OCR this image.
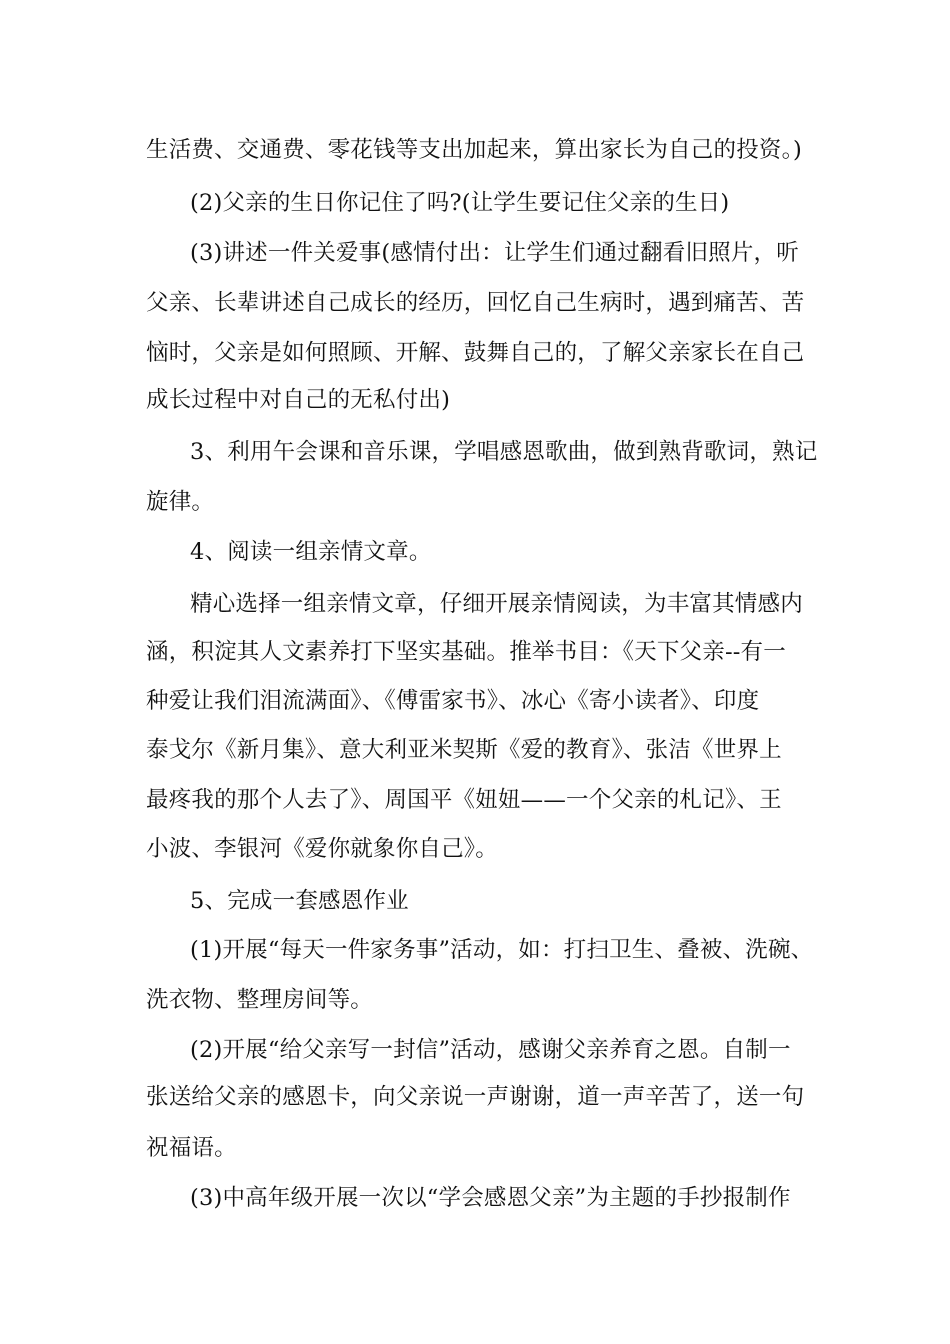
生活费、交通费、零花钱等支出加起来，算出家长为自己的投资。)
(2)父亲的生日你记住了吗?(让学生要记住父亲的生日)
(3)讲述一件关爱事(感情付出：让学生们通过翻看旧照片，听
父亲、长辈讲述自己成长的经历，回忆自己生病时，遇到痛苦、苦
恼时，父亲是如何照顾、开解、鼓舞自己的，了解父亲家长在自己
成长过程中对自己的无私付出)
3、利用午会课和音乐课，学唱感恩歌曲，做到熟背歌词，熟记
旋律。
4、阅读一组亲情文章。
精心选择一组亲情文章，仔细开展亲情阅读，为丰富其情感内
涵，积淀其人文素养打下坚实基础。推举书目：《天下父亲--有一
种爱让我们泪流满面》、《傅雷家书》、冰心《寄小读者》、印度
泰戈尔《新月集》、意大利亚米契斯《爱的教育》、张洁《世界上
最疼我的那个人去了》、周国平《妞妞——一个父亲的札记》、王
小波、李银河《爱你就象你自己》。
5、完成一套感恩作业
(1)开展“每天一件家务事”活动，如：打扫卫生、叠被、洗碗、
洗衣物、整理房间等。
(2)开展“给父亲写一封信”活动，感谢父亲养育之恩。自制一
张送给父亲的感恩卡，向父亲说一声谢谢，道一声辛苦了，送一句
祝福语。
(3)中高年级开展一次以“学会感恩父亲”为主题的手抄报制作
